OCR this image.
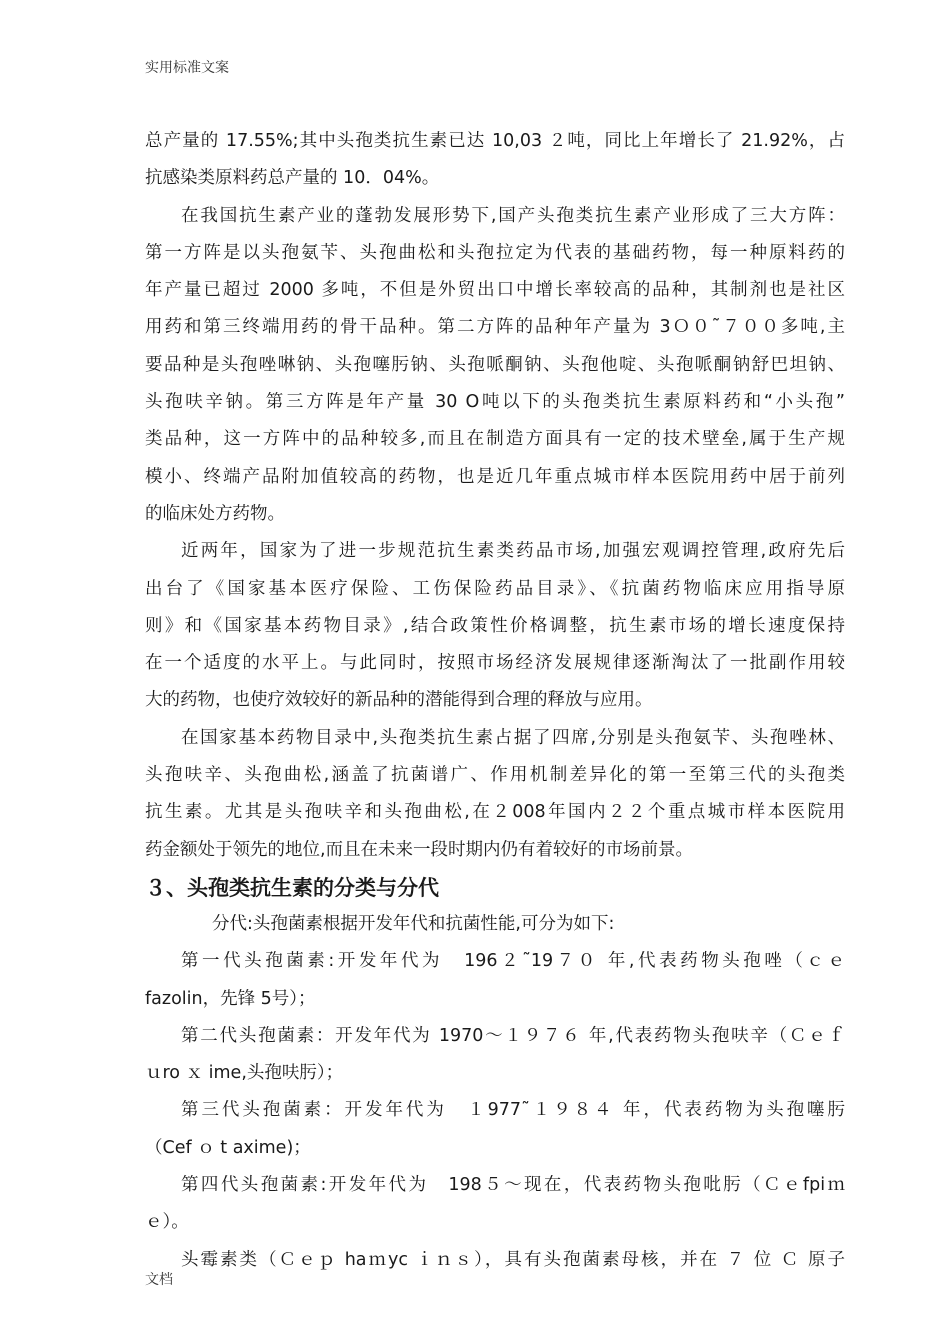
实用标准文案
总产量的 17.55%;其中头孢类抗生素已达 10,03 ２吨，同比上年增长了 21.92%，占
抗感染类原料药总产量的 10．04%。
在我国抗生素产业的蓬勃发展形势下,国产头孢类抗生素产业形成了三大方阵：
第一方阵是以头孢氨苄、头孢曲松和头孢拉定为代表的基础药物，每一种原料药的
年产量已超过 2000 多吨，不但是外贸出口中增长率较高的品种，其制剂也是社区
用药和第三终端用药的骨干品种。第二方阵的品种年产量为 3Ｏ０˜７００多吨,主
要品种是头孢唑啉钠、头孢噻肟钠、头孢哌酮钠、头孢他啶、头孢哌酮钠舒巴坦钠、
头孢呋辛钠。第三方阵是年产量 30 O吨以下的头孢类抗生素原料药和“小头孢”
类品种，这一方阵中的品种较多,而且在制造方面具有一定的技术壁垒,属于生产规
模小、终端产品附加值较高的药物，也是近几年重点城市样本医院用药中居于前列
的临床处方药物。
近两年，国家为了进一步规范抗生素类药品市场,加强宏观调控管理,政府先后
出台了《国家基本医疗保险、工伤保险药品目录》、《抗菌药物临床应用指导原
则》和《国家基本药物目录》,结合政策性价格调整，抗生素市场的增长速度保持
在一个适度的水平上。与此同时，按照市场经济发展规律逐渐淘汰了一批副作用较
大的药物，也使疗效较好的新品种的潜能得到合理的释放与应用。
在国家基本药物目录中,头孢类抗生素占据了四席,分别是头孢氨苄、头孢唑林、
头孢呋辛、头孢曲松,涵盖了抗菌谱广、作用机制差异化的第一至第三代的头孢类
抗生素。尤其是头孢呋辛和头孢曲松,在２008年国内２２个重点城市样本医院用
药金额处于领先的地位,而且在未来一段时期内仍有着较好的市场前景。
３、头孢类抗生素的分类与分代
分代:头孢菌素根据开发年代和抗菌性能,可分为如下:
第一代头孢菌素:开发年代为　196２˜19７０ 年,代表药物头孢唑（ｃｅ
fazolin，先锋 5号）；
第二代头孢菌素：开发年代为 1970～１９７６ 年,代表药物头孢呋辛（Ｃｅｆ
ｕro ｘ ime,头孢呋肟）；
第三代头孢菌素：开发年代为　１977˜１９８４ 年，代表药物为头孢噻肟
（Cef ｏ t axime)；
第四代头孢菌素:开发年代为　198５～现在，代表药物头孢吡肟（Ｃｅfpiｍ
ｅ）。
头霉素类（Ｃｅｐ haｍyc ｉｎｓ），具有头孢菌素母核，并在 ７ 位 Ｃ 原子
文档
